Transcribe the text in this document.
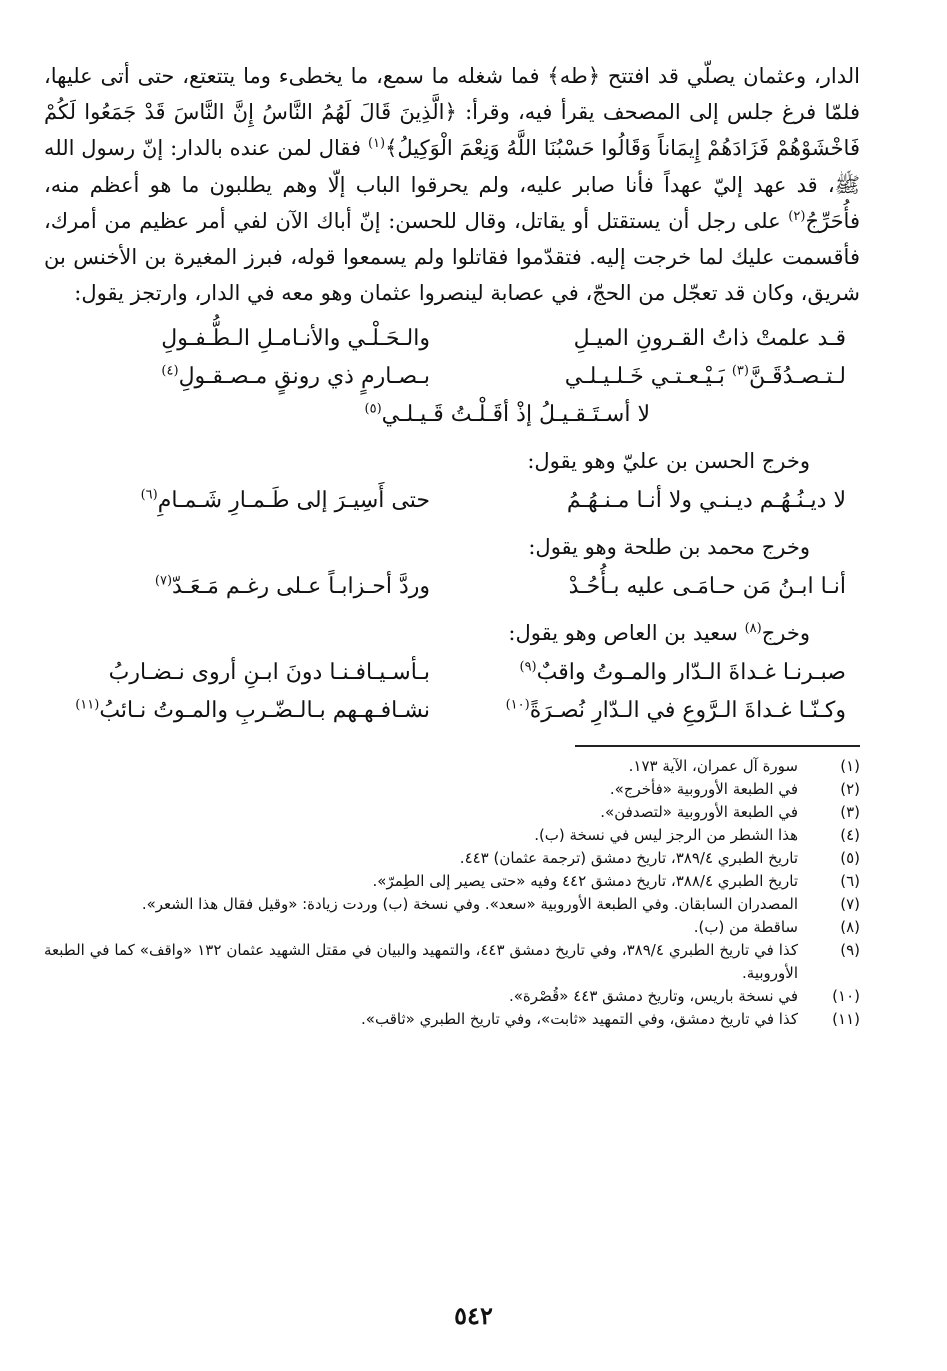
الدار، وعثمان يصلّي قد افتتح ﴿طه﴾ فما شغله ما سمع، ما يخطىء وما يتتعتع، حتى أتى عليها، فلمّا فرغ جلس إلى المصحف يقرأ فيه، وقرأ: ﴿الَّذِينَ قَالَ لَهُمُ النَّاسُ إِنَّ النَّاسَ قَدْ جَمَعُوا لَكُمْ فَاخْشَوْهُمْ فَزَادَهُمْ إِيمَاناً وَقَالُوا حَسْبُنَا اللَّهُ وَنِعْمَ الْوَكِيلُ﴾$^{(١)}$ فقال لمن عنده بالدار: إنّ رسول الله ﷺ، قد عهد إليّ عهداً فأنا صابر عليه، ولم يحرقوا الباب إلّا وهم يطلبون ما هو أعظم منه، فأُحَرِّجُ$^{(٢)}$ على رجل أن يستقتل أو يقاتل، وقال للحسن: إنّ أباك الآن لفي أمر عظيم من أمرك، فأقسمت عليك لما خرجت إليه. فتقدّموا فقاتلوا ولم يسمعوا قوله، فبرز المغيرة بن الأخنس بن شريق، وكان قد تعجّل من الحجّ، في عصابة لينصروا عثمان وهو معه في الدار، وارتجز يقول:

قـد علمتْ ذاتُ القـرونِ الميـلِ
والـحَـلْـي والأنـامـلِ الـطُّـفـولِ
لـتـصـدُقَـنَّ$^{(٣)}$ بَـيْـعـتـي خَـلـيـلـي
بـصـارمٍ ذي رونقٍ مـصـقـولِ$^{(٤)}$
لا أسـتَـقـيـلُ إذْ أقَـلْـتُ قَـيـلـي$^{(٥)}$
وخرج الحسن بن عليّ وهو يقول:
لا ديـنُـهُـم ديـنـي ولا أنـا مـنـهُـمُ
حتى أَسِيـرَ إلى طَـمـارِ شَـمـامِ$^{(٦)}$
وخرج محمد بن طلحة وهو يقول:
أنـا ابـنُ مَن حـامَـى عليه بـأُحُـدْ
وردَّ أحـزابـاً عـلى رغـم مَـعَـدّ$^{(٧)}$
وخرج$^{(٨)}$ سعيد بن العاص وهو يقول:
صبـرنـا غـداةَ الـدّار والمـوتُ واقبٌ$^{(٩)}$
بـأسـيـافـنـا دونَ ابـنِ أروى نـضـاربُ
وكـنّـا غـداةَ الـرَّوعِ في الـدّارِ نُصـرَةً$^{(١٠)}$
نشـافـهـهم بـالـضّـربِ والمـوتُ نـائبُ$^{(١١)}$
(١)
سورة آل عمران، الآية ١٧٣.
(٢)
في الطبعة الأوروبية «فأخرج».
(٣)
في الطبعة الأوروبية «لتصدفن».
(٤)
هذا الشطر من الرجز ليس في نسخة (ب).
(٥)
تاريخ الطبري ٣٨٩/٤، تاريخ دمشق (ترجمة عثمان) ٤٤٣.
(٦)
تاريخ الطبري ٣٨٨/٤، تاريخ دمشق ٤٤٢ وفيه «حتى يصير إلى الطِمرّ».
(٧)
المصدران السابقان. وفي الطبعة الأوروبية «سعد». وفي نسخة (ب) وردت زيادة: «وقيل فقال هذا الشعر».
(٨)
ساقطة من (ب).
(٩)
كذا في تاريخ الطبري ٣٨٩/٤، وفي تاريخ دمشق ٤٤٣، والتمهيد والبيان في مقتل الشهيد عثمان ١٣٢ «واقف» كما في الطبعة الأوروبية.
(١٠)
في نسخة باريس، وتاريخ دمشق ٤٤٣ «قُصْرة».
(١١)
كذا في تاريخ دمشق، وفي التمهيد «ثابت»، وفي تاريخ الطبري «ثاقب».
٥٤٢
